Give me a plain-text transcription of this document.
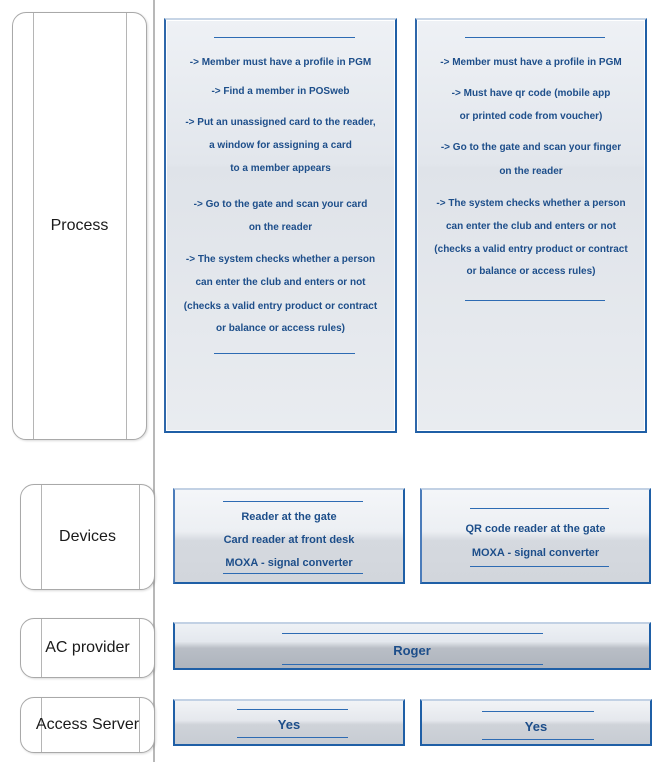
Process
Devices
AC provider
Access Server
-> Member must have a profile in PGM
-> Find a member in POSweb
-> Put an unassigned card to the reader,
a window for assigning a card
to a member appears
-> Go to the gate and scan your card
on the reader
-> The system checks whether a person
can enter the club and enters or not
(checks a valid entry product or contract
or balance or access rules)
-> Member must have a profile in PGM
-> Must have qr code (mobile app
or printed code from voucher)
-> Go to the gate and scan your finger
on the reader
-> The system checks whether a person
can enter the club and enters or not
(checks a valid entry product or contract
or balance or access rules)
Reader at the gate
Card reader at front desk
MOXA - signal converter
QR code reader at the gate
MOXA - signal converter
Roger
Yes	Yes
